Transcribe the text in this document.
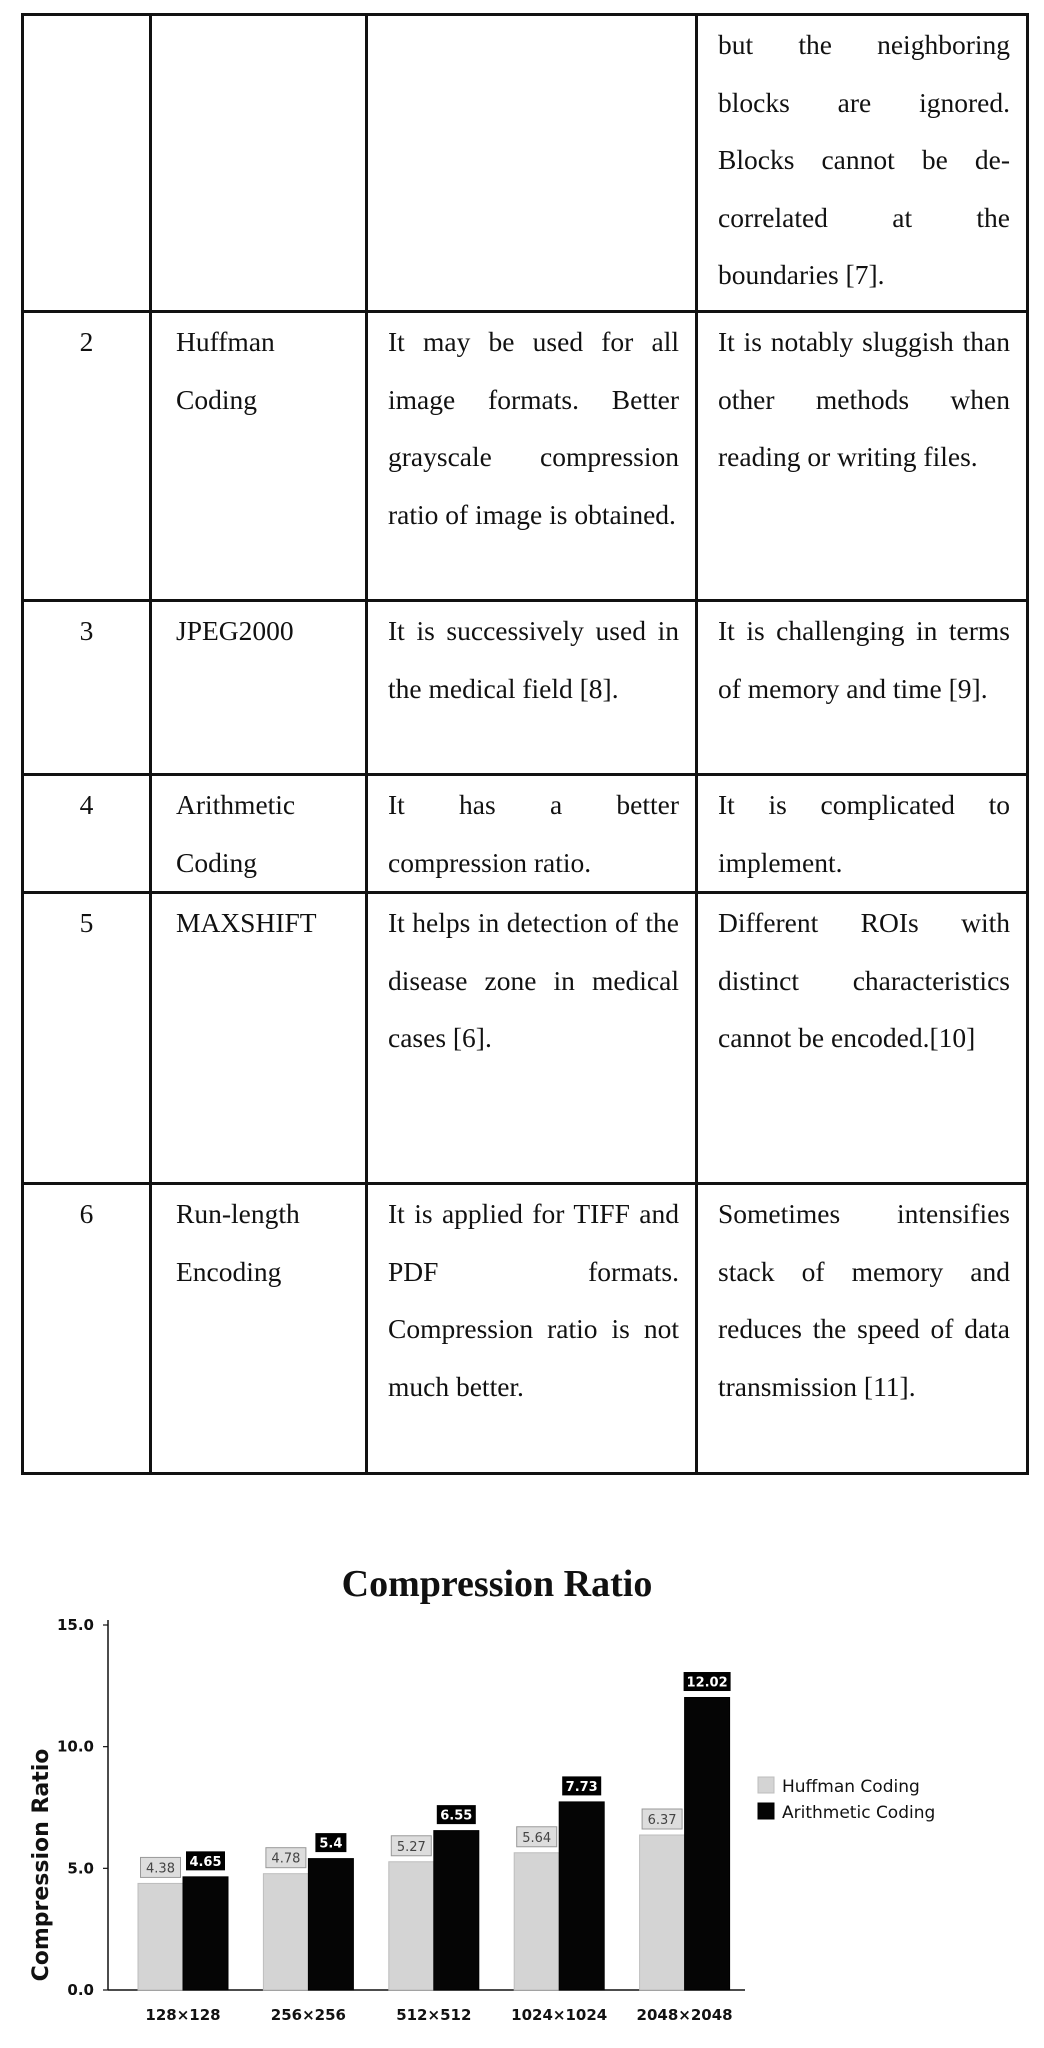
			but the neighboring blocks are ignored. Blocks cannot be de-correlated at the boundaries [7].
2	Huffman Coding	It may be used for all image formats. Better grayscale compression ratio of image is obtained.	It is notably sluggish than other methods when reading or writing files.
3	JPEG2000	It is successively used in the medical field [8].	It is challenging in terms of memory and time [9].
4	Arithmetic Coding	It has a better compression ratio.	It is complicated to implement.
5	MAXSHIFT	It helps in detection of the disease zone in medical cases [6].	Different ROIs with distinct characteristics cannot be encoded.[10]
6	Run-length Encoding	It is applied for TIFF and PDF formats. Compression ratio is not much better.	Sometimes intensifies stack of memory and reduces the speed of data transmission [11].
Compression Ratio
Compression Ratio
0.0
5.0
10.0
15.0
128×128	256×256	512×512	1024×1024 2048×2048
4.38 4.65	4.78
5.4	5.27
6.55
5.64
7.73
6.37
12.02
Huffman Coding
Arithmetic Coding
